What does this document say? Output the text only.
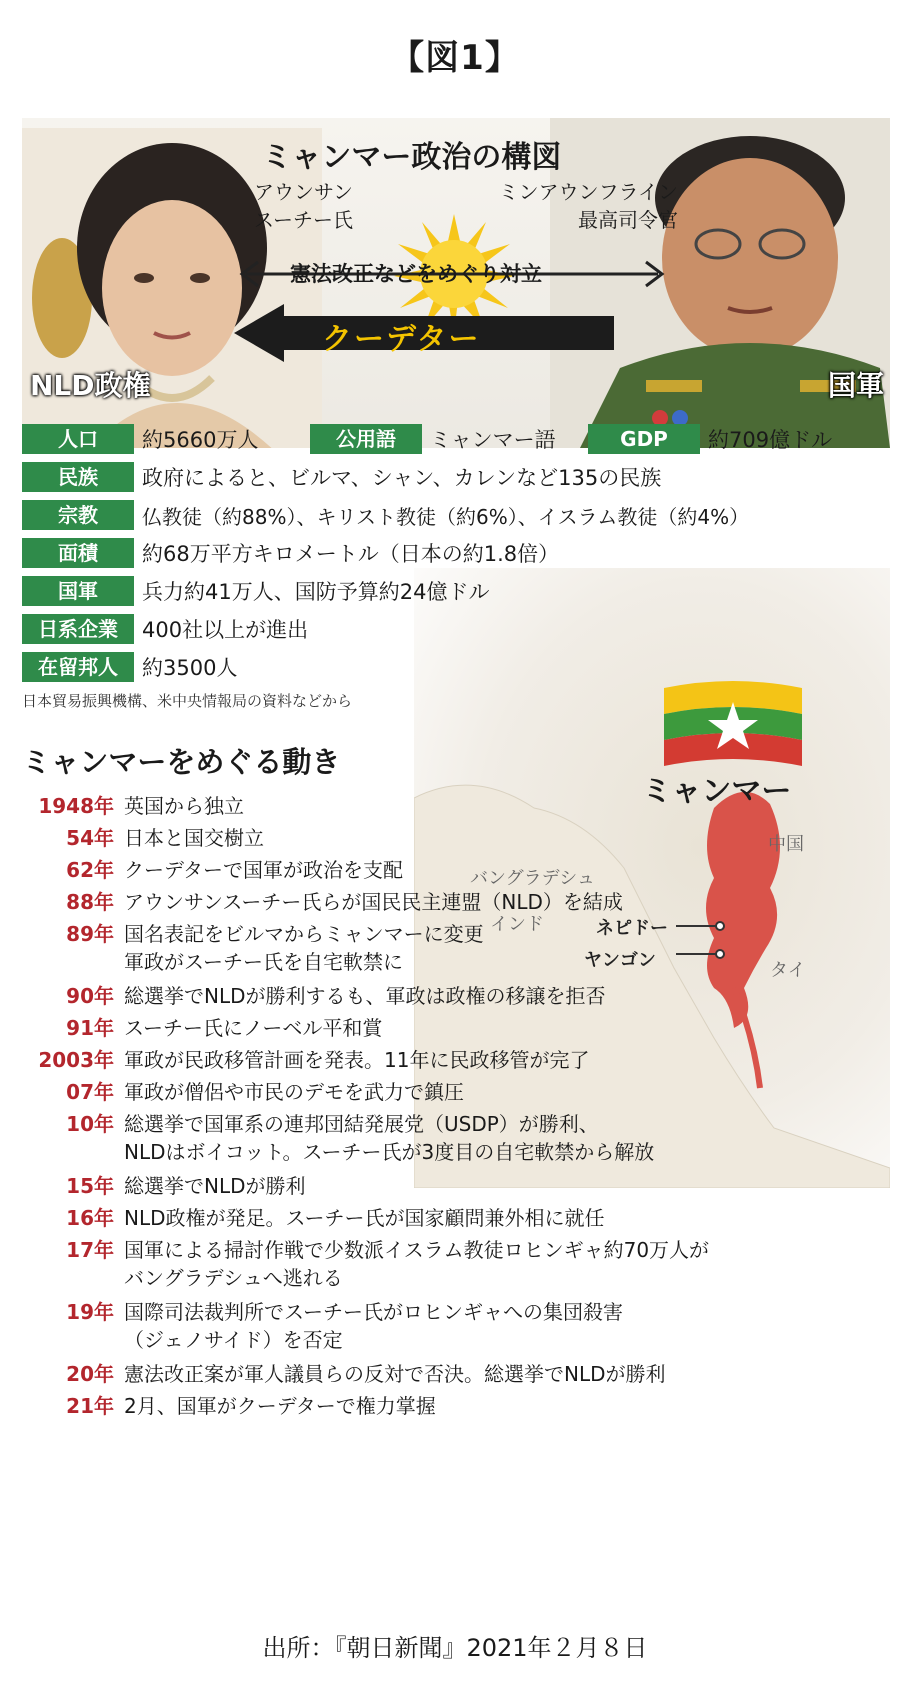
【図1】
ミャンマー政治の構図
アウンサン
スーチー氏
ミンアウンフライン
最高司令官
憲法改正などをめぐり対立
クーデター
NLD政権	国軍
ミャンマー
中国
バングラデシュ
インド	ネピドー
ヤンゴン	タイ
人口	約5660万人	公用語	ミャンマー語	GDP	約709億ドル
民族	政府によると、ビルマ、シャン、カレンなど135の民族
宗教	仏教徒（約88%）、キリスト教徒（約6%）、イスラム教徒（約4%）
面積	約68万平方キロメートル（日本の約1.8倍）
国軍	兵力約41万人、国防予算約24億ドル
日系企業	400社以上が進出
在留邦人	約3500人
日本貿易振興機構、米中央情報局の資料などから
ミャンマーをめぐる動き
1948年 英国から独立
54年 日本と国交樹立
62年 クーデターで国軍が政治を支配
88年 アウンサンスーチー氏らが国民民主連盟（NLD）を結成
89年 国名表記をビルマからミャンマーに変更
軍政がスーチー氏を自宅軟禁に
90年 総選挙でNLDが勝利するも、軍政は政権の移譲を拒否
91年 スーチー氏にノーベル平和賞
2003年 軍政が民政移管計画を発表。11年に民政移管が完了
07年 軍政が僧侶や市民のデモを武力で鎮圧
10年 総選挙で国軍系の連邦団結発展党（USDP）が勝利、
NLDはボイコット。スーチー氏が3度目の自宅軟禁から解放
15年 総選挙でNLDが勝利
16年 NLD政権が発足。スーチー氏が国家顧問兼外相に就任
17年 国軍による掃討作戦で少数派イスラム教徒ロヒンギャ約70万人が
バングラデシュへ逃れる
19年 国際司法裁判所でスーチー氏がロヒンギャへの集団殺害
（ジェノサイド）を否定
20年 憲法改正案が軍人議員らの反対で否決。総選挙でNLDが勝利
21年 2月、国軍がクーデターで権力掌握
出所：『朝日新聞』2021年２月８日
